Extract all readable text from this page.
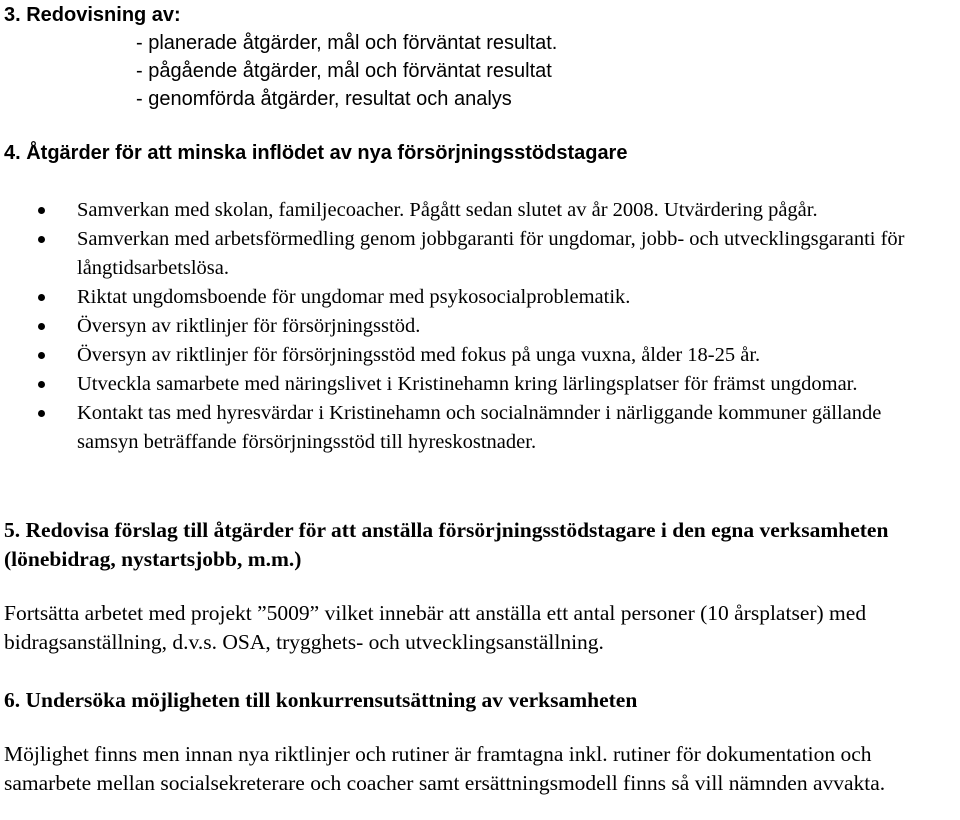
3. Redovisning av:
- planerade åtgärder, mål och förväntat resultat.
- pågående åtgärder, mål och förväntat resultat
- genomförda åtgärder, resultat och analys
4. Åtgärder för att minska inflödet av nya försörjningsstödstagare
Samverkan med skolan, familjecoacher. Pågått sedan slutet av år 2008. Utvärdering pågår.
Samverkan med arbetsförmedling genom jobbgaranti för ungdomar, jobb- och utvecklingsgaranti för långtidsarbetslösa.
Riktat ungdomsboende för ungdomar med psykosocialproblematik.
Översyn av riktlinjer för försörjningsstöd.
Översyn av riktlinjer för försörjningsstöd med fokus på unga vuxna, ålder 18-25 år.
Utveckla samarbete med näringslivet i Kristinehamn kring lärlingsplatser för främst ungdomar.
Kontakt tas med hyresvärdar i Kristinehamn och socialnämnder i närliggande kommuner gällande samsyn beträffande försörjningsstöd till hyreskostnader.
5. Redovisa förslag till åtgärder för att anställa försörjningsstödstagare i den egna verksamheten (lönebidrag, nystartsjobb, m.m.)
Fortsätta arbetet med projekt ”5009” vilket innebär att anställa ett antal personer (10 årsplatser) med bidragsanställning, d.v.s. OSA, trygghets- och utvecklingsanställning.
6. Undersöka möjligheten till konkurrensutsättning av verksamheten
Möjlighet finns men innan nya riktlinjer och rutiner är framtagna inkl. rutiner för dokumentation och samarbete mellan socialsekreterare och coacher samt ersättningsmodell finns så vill nämnden avvakta.
